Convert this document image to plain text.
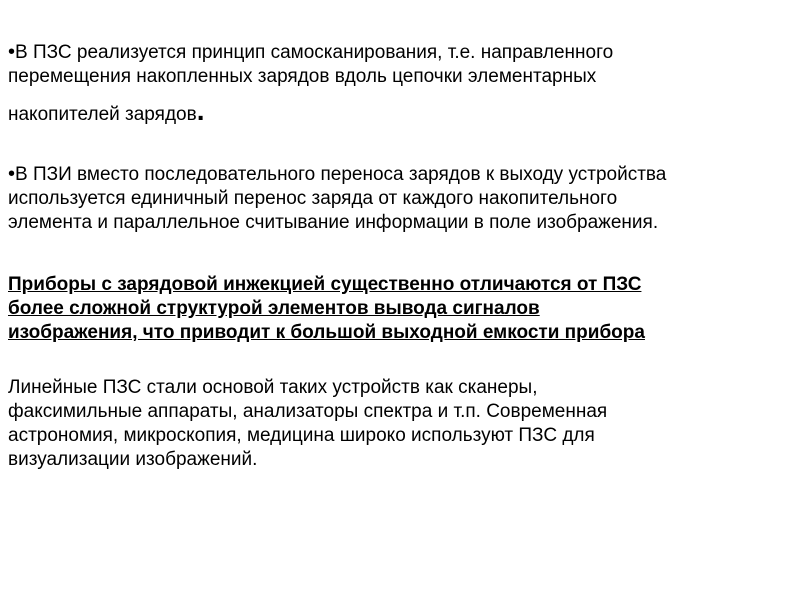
•В ПЗС реализуется принцип самосканирования, т.е. направленного
перемещения накопленных зарядов вдоль цепочки элементарных
накопителей зарядов.
•В ПЗИ вместо последовательного переноса зарядов к выходу устройства
используется единичный перенос заряда от каждого накопительного
элемента и параллельное считывание информации в поле изображения.
Приборы с зарядовой инжекцией существенно отличаются от ПЗС
более сложной структурой элементов вывода сигналов
изображения, что приводит к большой выходной емкости прибора
Линейные ПЗС стали основой таких устройств как сканеры,
факсимильные аппараты, анализаторы спектра и т.п. Современная
астрономия, микроскопия, медицина широко используют ПЗС для
визуализации изображений.
